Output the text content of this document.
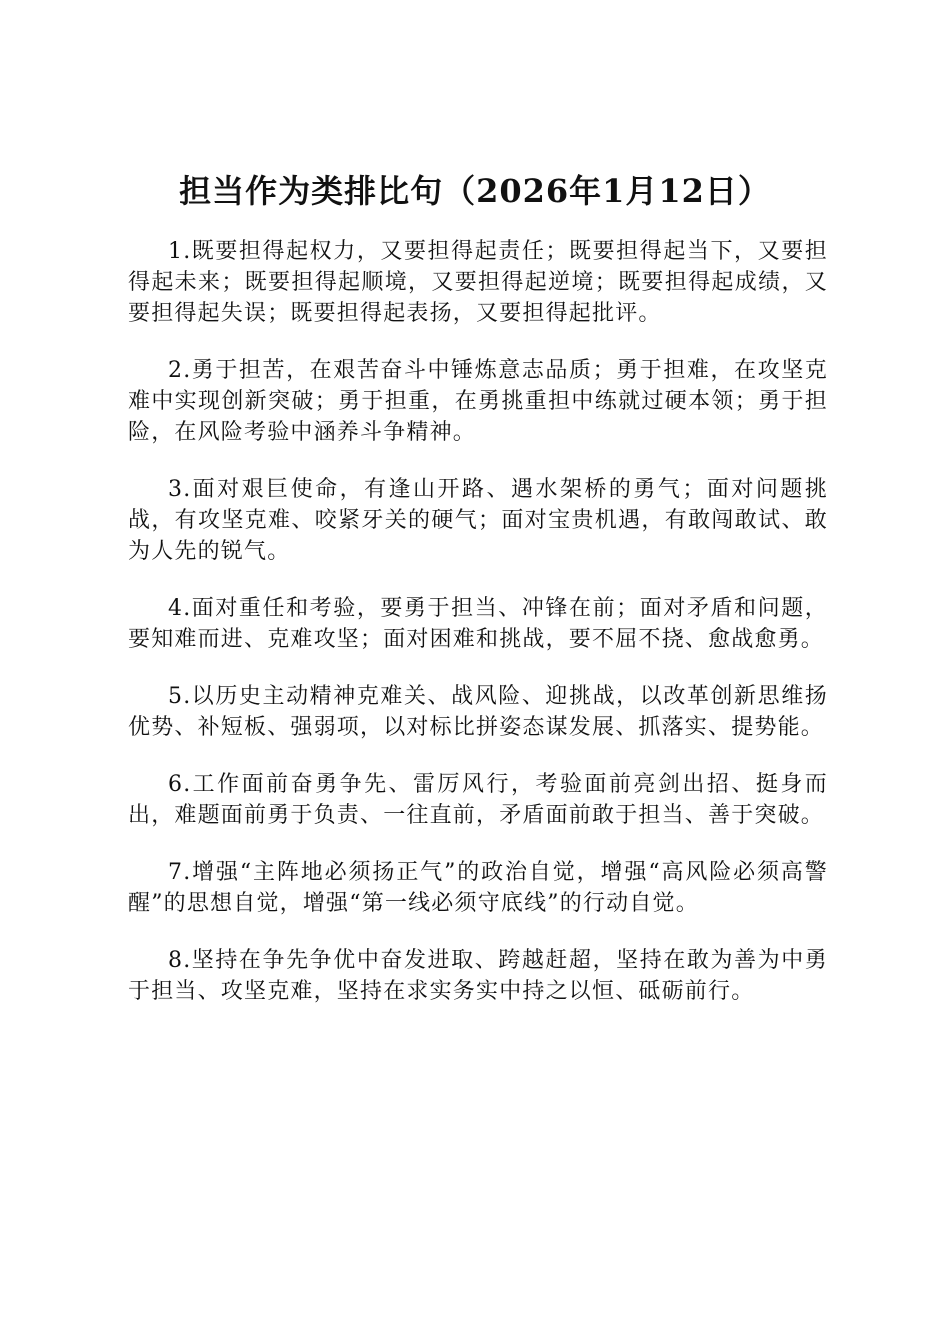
担当作为类排比句（2026年1月12日）

1.既要担得起权力，又要担得起责任；既要担得起当下，又要担得起未来；既要担得起顺境，又要担得起逆境；既要担得起成绩，又要担得起失误；既要担得起表扬，又要担得起批评。

2.勇于担苦，在艰苦奋斗中锤炼意志品质；勇于担难，在攻坚克难中实现创新突破；勇于担重，在勇挑重担中练就过硬本领；勇于担险，在风险考验中涵养斗争精神。

3.面对艰巨使命，有逢山开路、遇水架桥的勇气；面对问题挑战，有攻坚克难、咬紧牙关的硬气；面对宝贵机遇，有敢闯敢试、敢为人先的锐气。

4.面对重任和考验，要勇于担当、冲锋在前；面对矛盾和问题，要知难而进、克难攻坚；面对困难和挑战，要不屈不挠、愈战愈勇。

5.以历史主动精神克难关、战风险、迎挑战，以改革创新思维扬优势、补短板、强弱项，以对标比拼姿态谋发展、抓落实、提势能。

6.工作面前奋勇争先、雷厉风行，考验面前亮剑出招、挺身而出，难题面前勇于负责、一往直前，矛盾面前敢于担当、善于突破。

7.增强“主阵地必须扬正气”的政治自觉，增强“高风险必须高警醒”的思想自觉，增强“第一线必须守底线”的行动自觉。

8.坚持在争先争优中奋发进取、跨越赶超，坚持在敢为善为中勇于担当、攻坚克难，坚持在求实务实中持之以恒、砥砺前行。
